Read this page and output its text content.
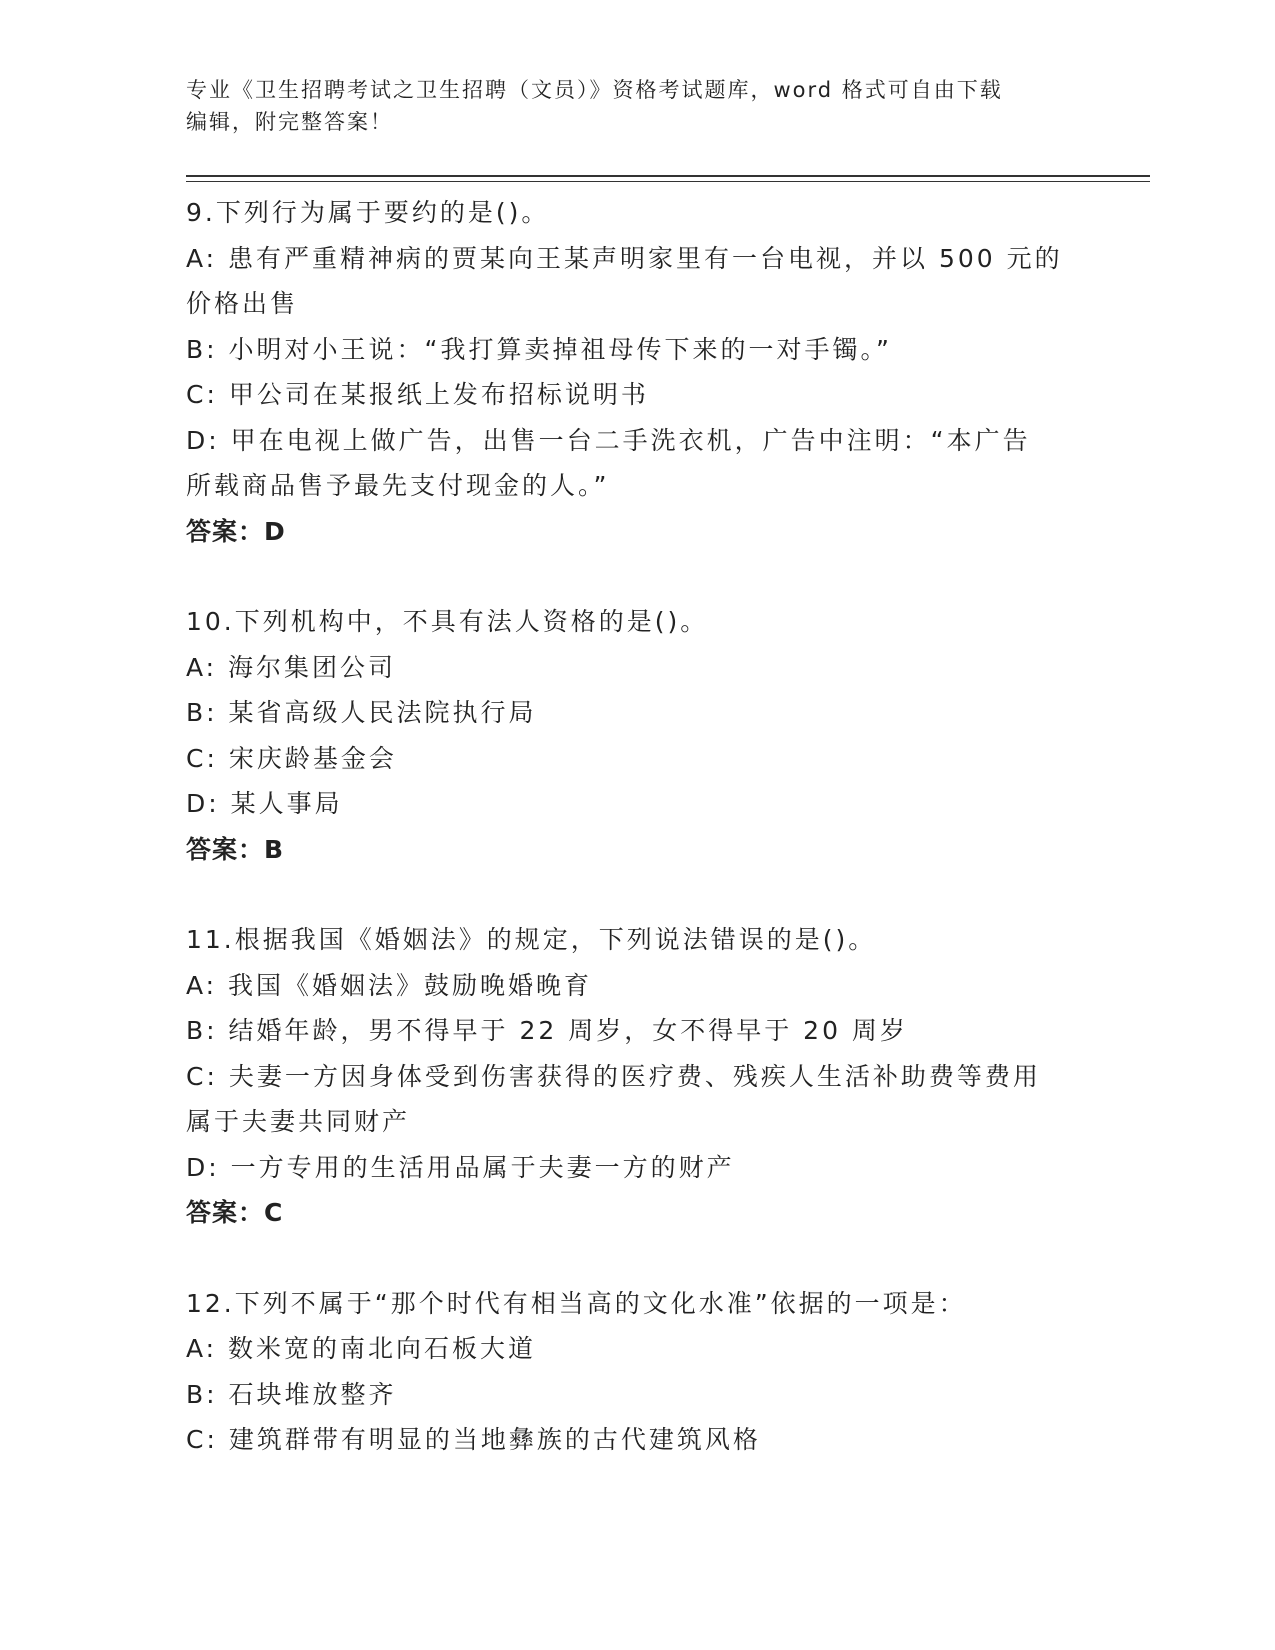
专业《卫生招聘考试之卫生招聘（文员）》资格考试题库，word 格式可自由下载
编辑，附完整答案！
9.下列行为属于要约的是()。
A: 患有严重精神病的贾某向王某声明家里有一台电视，并以 500 元的
价格出售
B: 小明对小王说：“我打算卖掉祖母传下来的一对手镯。”
C: 甲公司在某报纸上发布招标说明书
D: 甲在电视上做广告，出售一台二手洗衣机，广告中注明：“本广告
所载商品售予最先支付现金的人。”
答案：D
10.下列机构中，不具有法人资格的是()。
A: 海尔集团公司
B: 某省高级人民法院执行局
C: 宋庆龄基金会
D: 某人事局
答案：B
11.根据我国《婚姻法》的规定，下列说法错误的是()。
A: 我国《婚姻法》鼓励晚婚晚育
B: 结婚年龄，男不得早于 22 周岁，女不得早于 20 周岁
C: 夫妻一方因身体受到伤害获得的医疗费、残疾人生活补助费等费用
属于夫妻共同财产
D: 一方专用的生活用品属于夫妻一方的财产
答案：C
12.下列不属于“那个时代有相当高的文化水准”依据的一项是：
A: 数米宽的南北向石板大道
B: 石块堆放整齐
C: 建筑群带有明显的当地彝族的古代建筑风格
